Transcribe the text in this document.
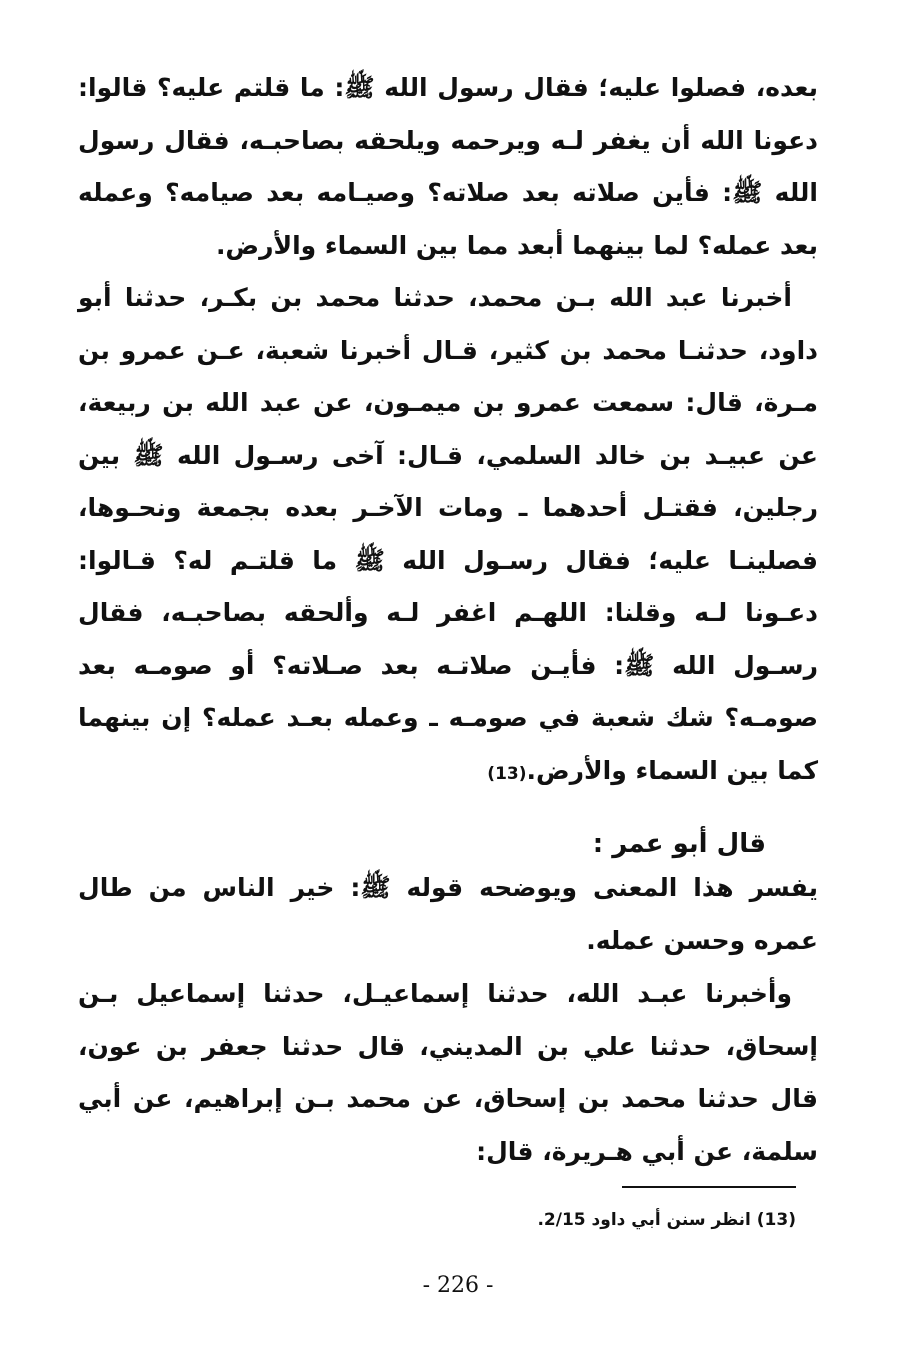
بعده، فصلوا عليه؛ فقال رسول الله ﷺ: ما قلتم عليه؟ قالوا: دعونا الله أن يغفر لـه ويرحمه ويلحقه بصاحبـه، فقال رسول الله ﷺ: فأين صلاته بعد صلاته؟ وصيـامه بعد صيامه؟ وعمله بعد عمله؟ لما بينهما أبعد مما بين السماء والأرض.

أخبرنا عبد الله بـن محمد، حدثنا محمد بن بكـر، حدثنا أبو داود، حدثنـا محمد بن كثير، قـال أخبرنا شعبة، عـن عمرو بن مـرة، قال: سمعت عمرو بن ميمـون، عن عبد الله بن ربيعة، عن عبيـد بن خالد السلمي، قـال: آخى رسـول الله ﷺ بين رجلين، فقتـل أحدهما ـ ومات الآخـر بعده بجمعة ونحـوها، فصلينـا عليه؛ فقال رسـول الله ﷺ ما قلتـم له؟ قـالوا: دعـونا لـه وقلنا: اللهـم اغفر لـه وألحقه بصاحبـه، فقال رسـول الله ﷺ: فأيـن صلاتـه بعد صـلاته؟ أو صومـه بعد صومـه؟ شك شعبة في صومـه ـ وعمله بعـد عمله؟ إن بينهما كما بين السماء والأرض.(13)

قال أبو عمر :

يفسر هذا المعنى ويوضحه قوله ﷺ: خير الناس من طال عمره وحسن عمله.

وأخبرنا عبـد الله، حدثنا إسماعيـل، حدثنا إسماعيل بـن إسحاق، حدثنا علي بن المديني، قال حدثنا جعفر بن عون، قال حدثنا محمد بن إسحاق، عن محمد بـن إبراهيم، عن أبي سلمة، عن أبي هـريرة، قال:

(13) انظر سنن أبي داود 2/15.
- 226 -
